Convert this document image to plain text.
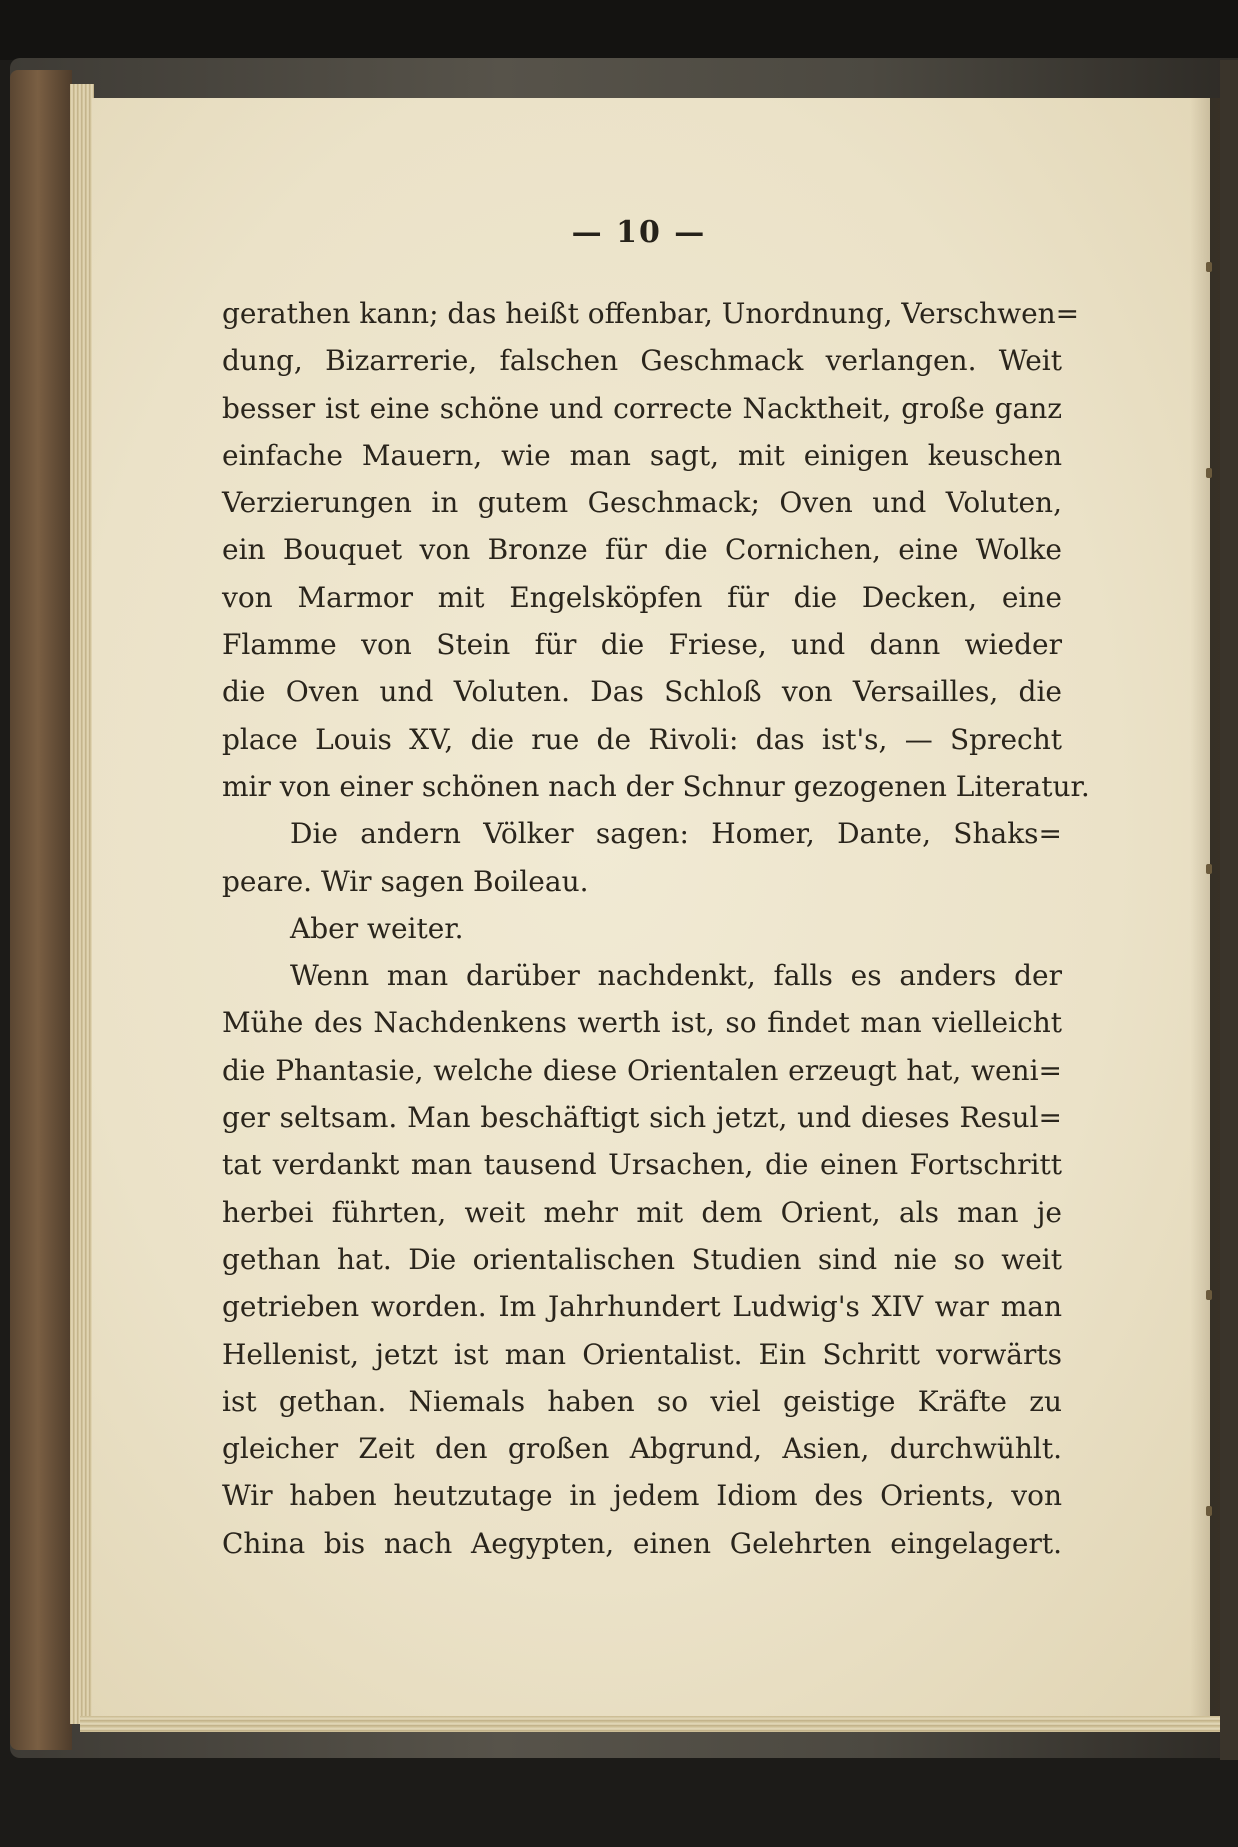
— 10 —
gerathen kann; das heißt offenbar, Unordnung, Verschwen=
dung, Bizarrerie, falschen Geschmack verlangen. Weit
besser ist eine schöne und correcte Nacktheit, große ganz
einfache Mauern, wie man sagt, mit einigen keuschen
Verzierungen in gutem Geschmack; Oven und Voluten,
ein Bouquet von Bronze für die Cornichen, eine Wolke
von Marmor mit Engelsköpfen für die Decken, eine
Flamme von Stein für die Friese, und dann wieder
die Oven und Voluten. Das Schloß von Versailles, die
place Louis XV, die rue de Rivoli: das ist's, — Sprecht
mir von einer schönen nach der Schnur gezogenen Literatur.
Die andern Völker sagen: Homer, Dante, Shaks=
peare. Wir sagen Boileau.
Aber weiter.
Wenn man darüber nachdenkt, falls es anders der
Mühe des Nachdenkens werth ist, so findet man vielleicht
die Phantasie, welche diese Orientalen erzeugt hat, weni=
ger seltsam. Man beschäftigt sich jetzt, und dieses Resul=
tat verdankt man tausend Ursachen, die einen Fortschritt
herbei führten, weit mehr mit dem Orient, als man je
gethan hat. Die orientalischen Studien sind nie so weit
getrieben worden. Im Jahrhundert Ludwig's XIV war man
Hellenist, jetzt ist man Orientalist. Ein Schritt vorwärts
ist gethan. Niemals haben so viel geistige Kräfte zu
gleicher Zeit den großen Abgrund, Asien, durchwühlt.
Wir haben heutzutage in jedem Idiom des Orients, von
China bis nach Aegypten, einen Gelehrten eingelagert.
